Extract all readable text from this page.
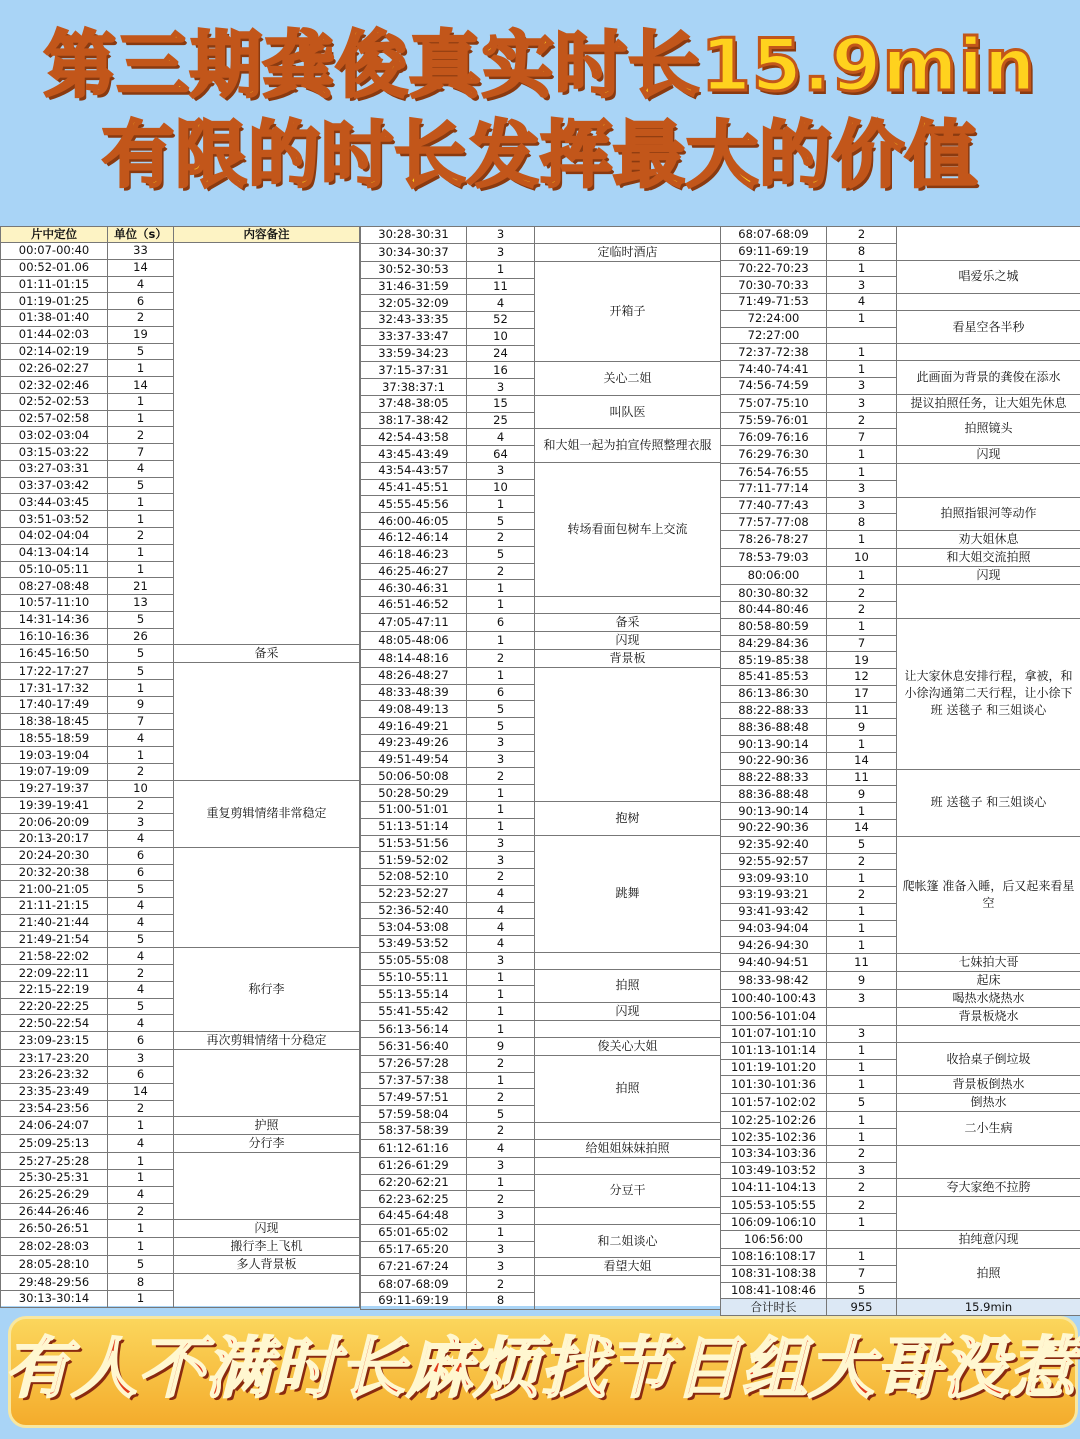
第三期龚俊真实时长15.9min
有限的时长发挥最大的价值
片中定位	单位（s）	内容备注
00:07-00:40	33	
00:52-01.06	14	
01:11-01:15	4	
01:19-01:25	6	
01:38-01:40	2	
01:44-02:03	19	
02:14-02:19	5	
02:26-02:27	1	
02:32-02:46	14	
02:52-02:53	1	
02:57-02:58	1	
03:02-03:04	2	
03:15-03:22	7	
03:27-03:31	4	
03:37-03:42	5	
03:44-03:45	1	
03:51-03:52	1	
04:02-04:04	2	
04:13-04:14	1	
05:10-05:11	1	
08:27-08:48	21	
10:57-11:10	13	
14:31-14:36	5	
16:10-16:36	26	
16:45-16:50	5	备采
17:22-17:27	5	
17:31-17:32	1	
17:40-17:49	9	
18:38-18:45	7	
18:55-18:59	4	
19:03-19:04	1	
19:07-19:09	2	
19:27-19:37	10	重复剪辑情绪非常稳定
19:39-19:41	2	
20:06-20:09	3	
20:13-20:17	4	
20:24-20:30	6	
20:32-20:38	6	
21:00-21:05	5	
21:11-21:15	4	
21:40-21:44	4	
21:49-21:54	5	
21:58-22:02	4	称行李
22:09-22:11	2	
22:15-22:19	4	
22:20-22:25	5	
22:50-22:54	4	
23:09-23:15	6	再次剪辑情绪十分稳定
23:17-23:20	3	
23:26-23:32	6	
23:35-23:49	14	
23:54-23:56	2	
24:06-24:07	1	护照
25:09-25:13	4	分行李
25:27-25:28	1	
25:30-25:31	1	
26:25-26:29	4	
26:44-26:46	2	
26:50-26:51	1	闪现
28:02-28:03	1	搬行李上飞机
28:05-28:10	5	多人背景板
29:48-29:56	8	
30:13-30:14	1	
30:28-30:31	3	
30:34-30:37	3	定临时酒店
30:52-30:53	1	开箱子
31:46-31:59	11	
32:05-32:09	4	
32:43-33:35	52	
33:37-33:47	10	
33:59-34:23	24	
37:15-37:31	16	关心二姐
37:38:37:1	3	
37:48-38:05	15	叫队医
38:17-38:42	25	
42:54-43:58	4	和大姐一起为拍宣传照整理衣服
43:45-43:49	64	
43:54-43:57	3	转场看面包树车上交流
45:41-45:51	10	
45:55-45:56	1	
46:00-46:05	5	
46:12-46:14	2	
46:18-46:23	5	
46:25-46:27	2	
46:30-46:31	1	
46:51-46:52	1	
47:05-47:11	6	备采
48:05-48:06	1	闪现
48:14-48:16	2	背景板
48:26-48:27	1	
48:33-48:39	6	
49:08-49:13	5	
49:16-49:21	5	
49:23-49:26	3	
49:51-49:54	3	
50:06-50:08	2	
50:28-50:29	1	
51:00-51:01	1	抱树
51:13-51:14	1	
51:53-51:56	3	跳舞
51:59-52:02	3	
52:08-52:10	2	
52:23-52:27	4	
52:36-52:40	4	
53:04-53:08	4	
53:49-53:52	4	
55:05-55:08	3	
55:10-55:11	1	拍照
55:13-55:14	1	
55:41-55:42	1	闪现
56:13-56:14	1	
56:31-56:40	9	俊关心大姐
57:26-57:28	2	拍照
57:37-57:38	1	
57:49-57:51	2	
57:59-58:04	5	
58:37-58:39	2	
61:12-61:16	4	给姐姐妹妹拍照
61:26-61:29	3	
62:20-62:21	1	分豆干
62:23-62:25	2	
64:45-64:48	3	
65:01-65:02	1	和二姐谈心
65:17-65:20	3	
67:21-67:24	3	看望大姐
68:07-68:09	2	
69:11-69:19	8	
68:07-68:09	2	
69:11-69:19	8	
70:22-70:23	1	唱爱乐之城
70:30-70:33	3	
71:49-71:53	4	
72:24:00	1	看星空各半秒
72:27:00		
72:37-72:38	1	
74:40-74:41	1	此画面为背景的龚俊在添水
74:56-74:59	3	
75:07-75:10	3	提议拍照任务，让大姐先休息
75:59-76:01	2	拍照镜头
76:09-76:16	7	
76:29-76:30	1	闪现
76:54-76:55	1	
77:11-77:14	3	
77:40-77:43	3	拍照指银河等动作
77:57-77:08	8	
78:26-78:27	1	劝大姐休息
78:53-79:03	10	和大姐交流拍照
80:06:00	1	闪现
80:30-80:32	2	
80:44-80:46	2	
80:58-80:59	1	让大家休息安排行程，拿被，和小徐沟通第二天行程，让小徐下班 送毯子 和三姐谈心
84:29-84:36	7	
85:19-85:38	19	
85:41-85:53	12	
86:13-86:30	17	
88:22-88:33	11	
88:36-88:48	9	
90:13-90:14	1	
90:22-90:36	14	
88:22-88:33	11	班 送毯子 和三姐谈心
88:36-88:48	9	
90:13-90:14	1	
90:22-90:36	14	
92:35-92:40	5	爬帐篷 准备入睡，后又起来看星空
92:55-92:57	2	
93:09-93:10	1	
93:19-93:21	2	
93:41-93:42	1	
94:03-94:04	1	
94:26-94:30	1	
94:40-94:51	11	七妹拍大哥
98:33-98:42	9	起床
100:40-100:43	3	喝热水烧热水
100:56-101:04		背景板烧水
101:07-101:10	3	
101:13-101:14	1	收拾桌子倒垃圾
101:19-101:20	1	
101:30-101:36	1	背景板倒热水
101:57-102:02	5	倒热水
102:25-102:26	1	二小生病
102:35-102:36	1	
103:34-103:36	2	
103:49-103:52	3	
104:11-104:13	2	夸大家绝不拉胯
105:53-105:55	2	
106:09-106:10	1	
106:56:00		拍纯意闪现
108:16:108:17	1	拍照
108:31-108:38	7	
108:41-108:46	5	
合计时长	955	15.9min
有人不满时长麻烦找节目组大哥没惹
